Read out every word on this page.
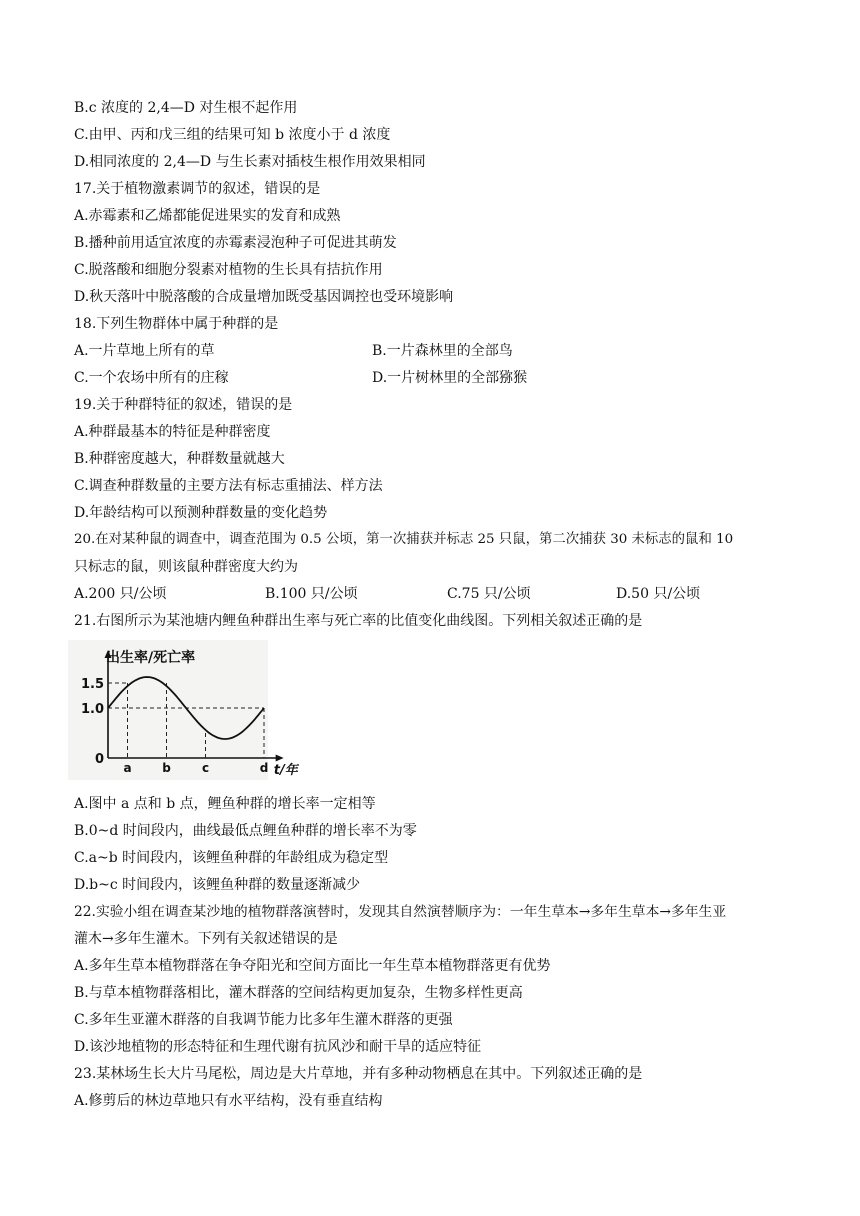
B.c 浓度的 2,4—D 对生根不起作用
C.由甲、丙和戊三组的结果可知 b 浓度小于 d 浓度
D.相同浓度的 2,4—D 与生长素对插枝生根作用效果相同
17.关于植物激素调节的叙述，错误的是
A.赤霉素和乙烯都能促进果实的发育和成熟
B.播种前用适宜浓度的赤霉素浸泡种子可促进其萌发
C.脱落酸和细胞分裂素对植物的生长具有拮抗作用
D.秋天落叶中脱落酸的合成量增加既受基因调控也受环境影响
18.下列生物群体中属于种群的是
A.一片草地上所有的草	B.一片森林里的全部鸟
C.一个农场中所有的庄稼	D.一片树林里的全部猕猴
19.关于种群特征的叙述，错误的是
A.种群最基本的特征是种群密度
B.种群密度越大，种群数量就越大
C.调查种群数量的主要方法有标志重捕法、样方法
D.年龄结构可以预测种群数量的变化趋势
20.在对某种鼠的调查中，调查范围为 0.5 公顷，第一次捕获并标志 25 只鼠，第二次捕获 30 未标志的鼠和 10
只标志的鼠，则该鼠种群密度大约为
A.200 只/公顷	B.100 只/公顷	C.75 只/公顷	D.50 只/公顷
21.右图所示为某池塘内鲤鱼种群出生率与死亡率的比值变化曲线图。下列相关叙述正确的是
1.5
1.0
0
a	b	c	d
出生率/死亡率
t/年
A.图中 a 点和 b 点，鲤鱼种群的增长率一定相等
B.0~d 时间段内，曲线最低点鲤鱼种群的增长率不为零
C.a~b 时间段内，该鲤鱼种群的年龄组成为稳定型
D.b~c 时间段内，该鲤鱼种群的数量逐渐减少
22.实验小组在调查某沙地的植物群落演替时，发现其自然演替顺序为：一年生草本→多年生草本→多年生亚
灌木→多年生灌木。下列有关叙述错误的是
A.多年生草本植物群落在争夺阳光和空间方面比一年生草本植物群落更有优势
B.与草本植物群落相比，灌木群落的空间结构更加复杂，生物多样性更高
C.多年生亚灌木群落的自我调节能力比多年生灌木群落的更强
D.该沙地植物的形态特征和生理代谢有抗风沙和耐干旱的适应特征
23.某林场生长大片马尾松，周边是大片草地，并有多种动物栖息在其中。下列叙述正确的是
A.修剪后的林边草地只有水平结构，没有垂直结构
